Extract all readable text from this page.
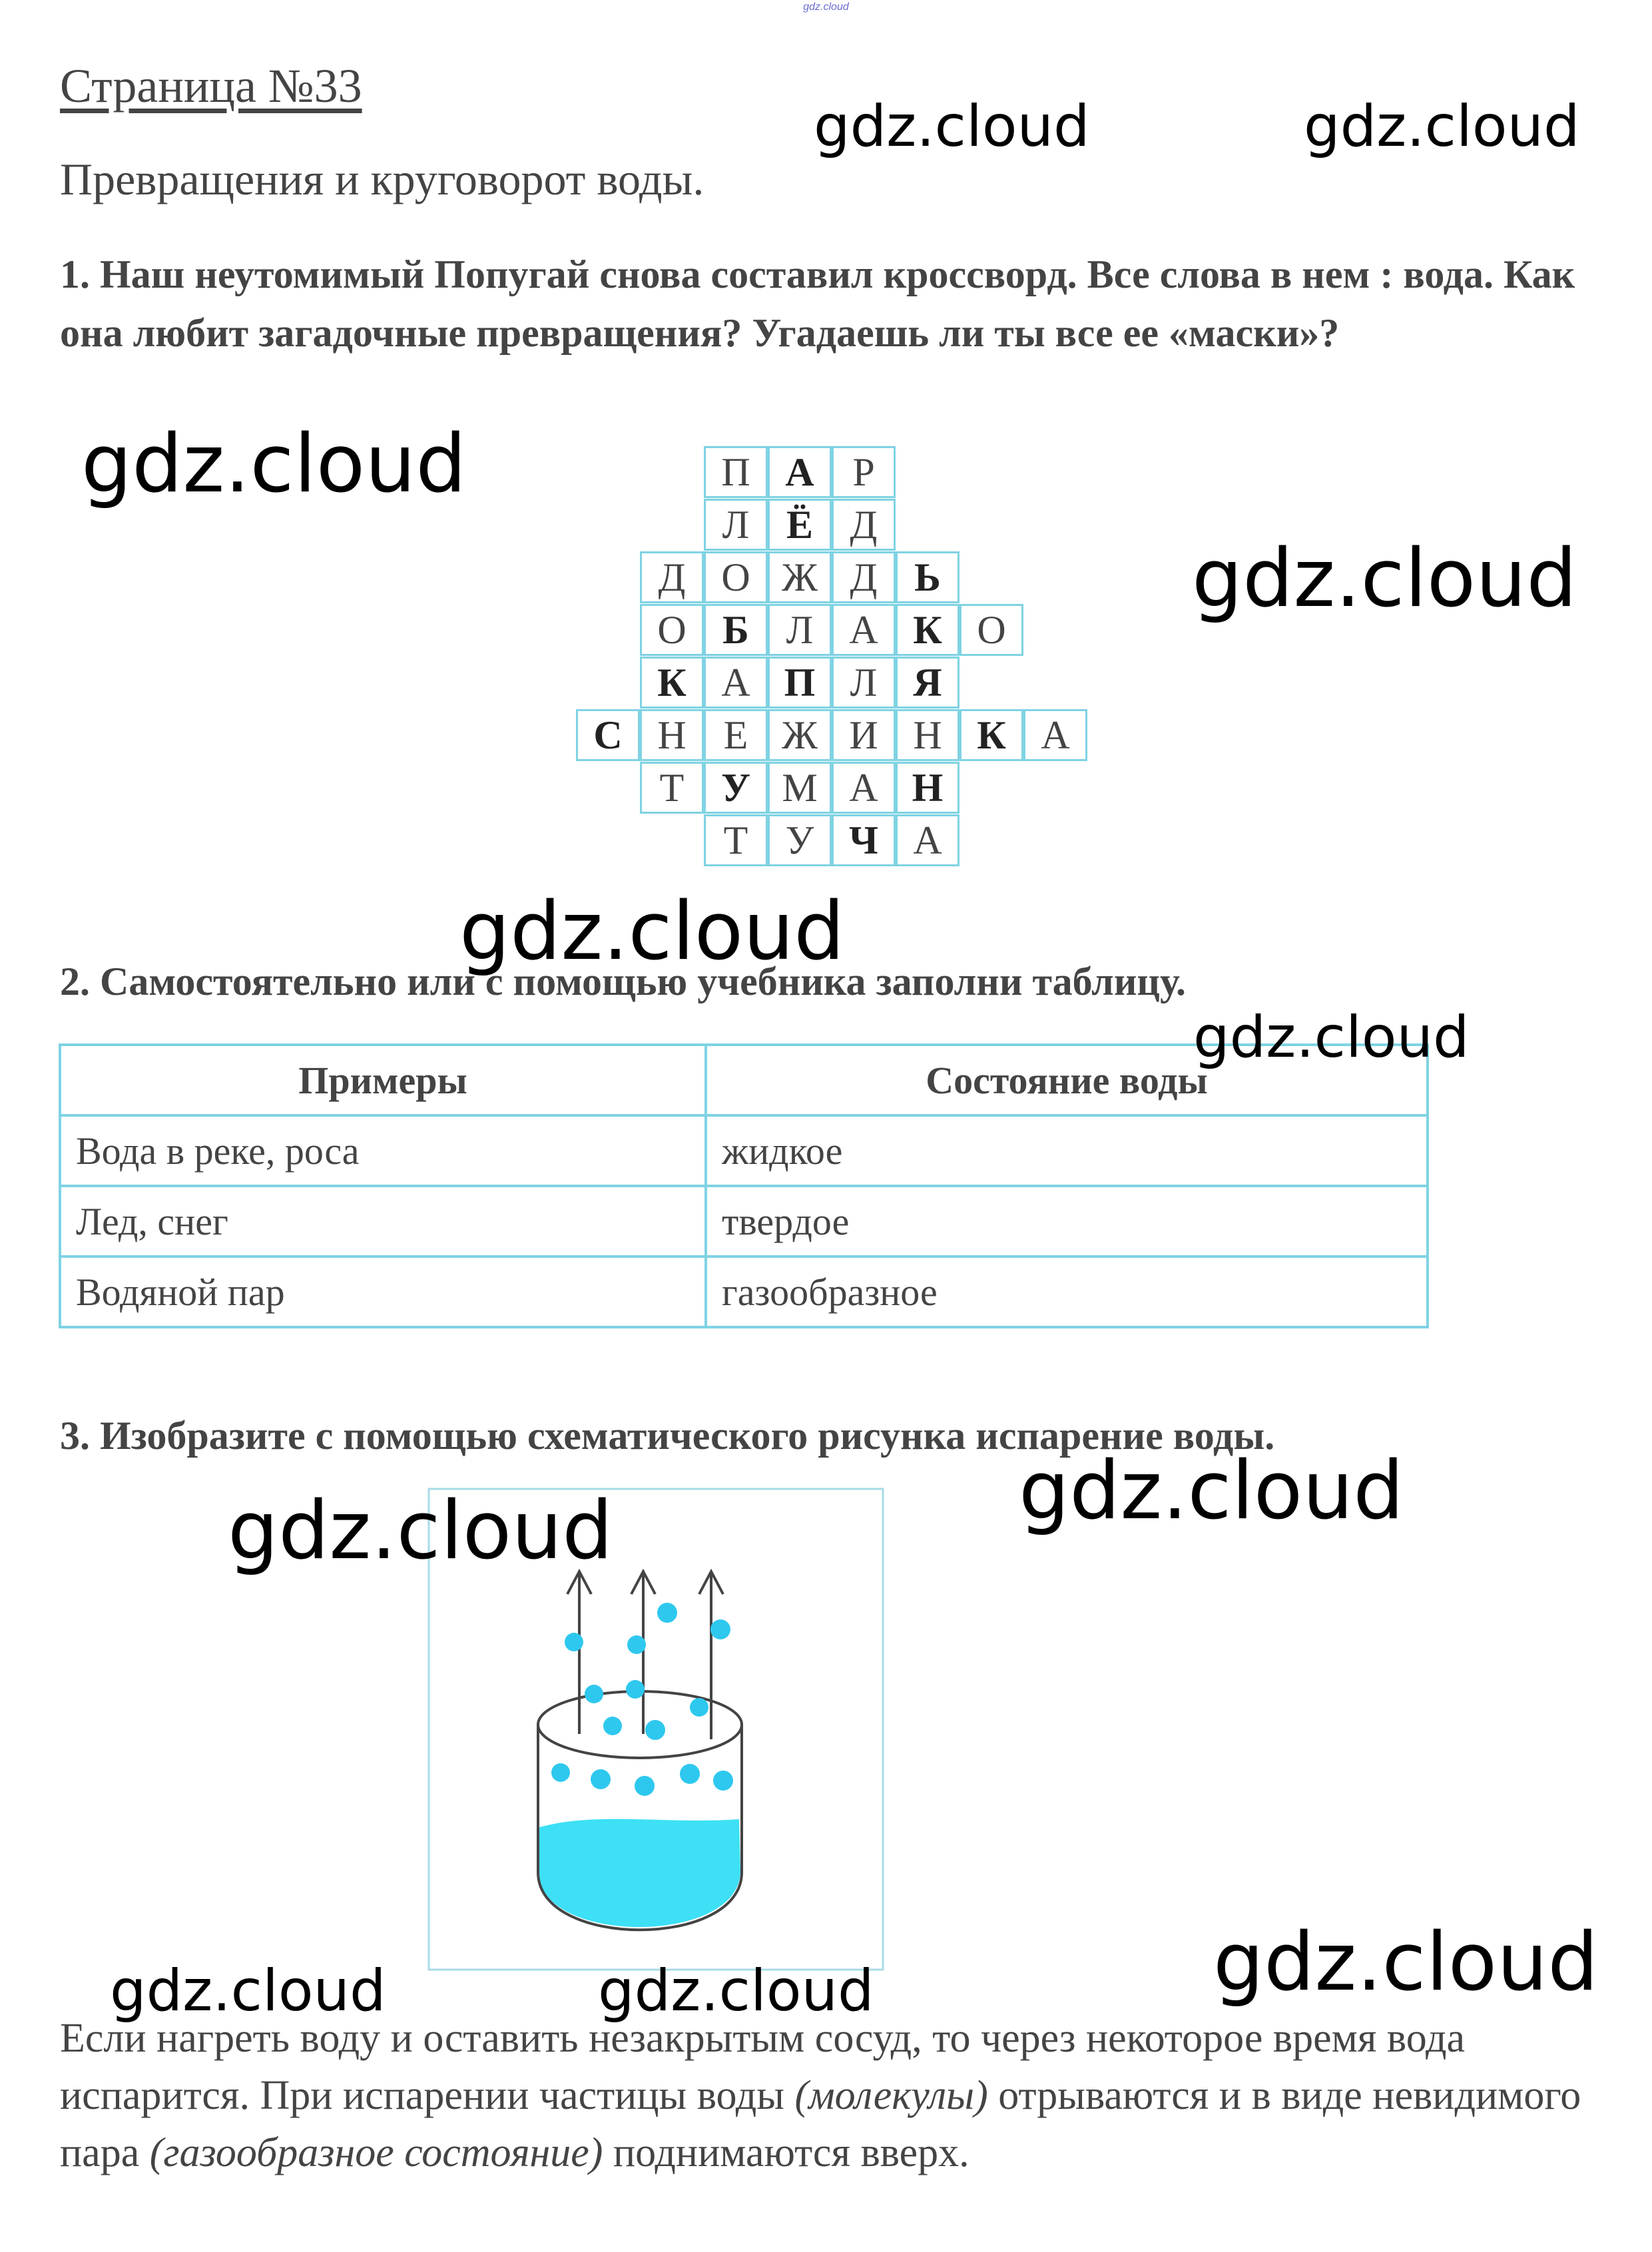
gdz.cloud
Страница №33
Превращения и круговорот воды.
1. Наш неутомимый Попугай снова составил кроссворд. Все слова в нем : вода. Как она любит загадочные превращения? Угадаешь ли ты все ее «маски»?
П А Р
Л Ё Д
Д О Ж Д Ь
О Б Л А К О
К А П Л Я
С Н Е Ж И Н К А
Т У М А Н
Т У Ч А
2. Самостоятельно или с помощью учебника заполни таблицу.
Примеры	Состояние воды
Вода в реке, роса	жидкое
Лед, снег	твердое
Водяной пар	газообразное
3. Изобразите с помощью схематического рисунка испарение воды.
Если нагреть воду и оставить незакрытым сосуд, то через некоторое время вода испарится. При испарении частицы воды (молекулы) отрываются и в виде невидимого пара (газообразное состояние) поднимаются вверх.
gdz.cloud	gdz.cloud
gdz.cloud
gdz.cloud
gdz.cloud
gdz.cloud
gdz.cloud
gdz.cloud
gdz.cloud
gdz.cloud	gdz.cloud
